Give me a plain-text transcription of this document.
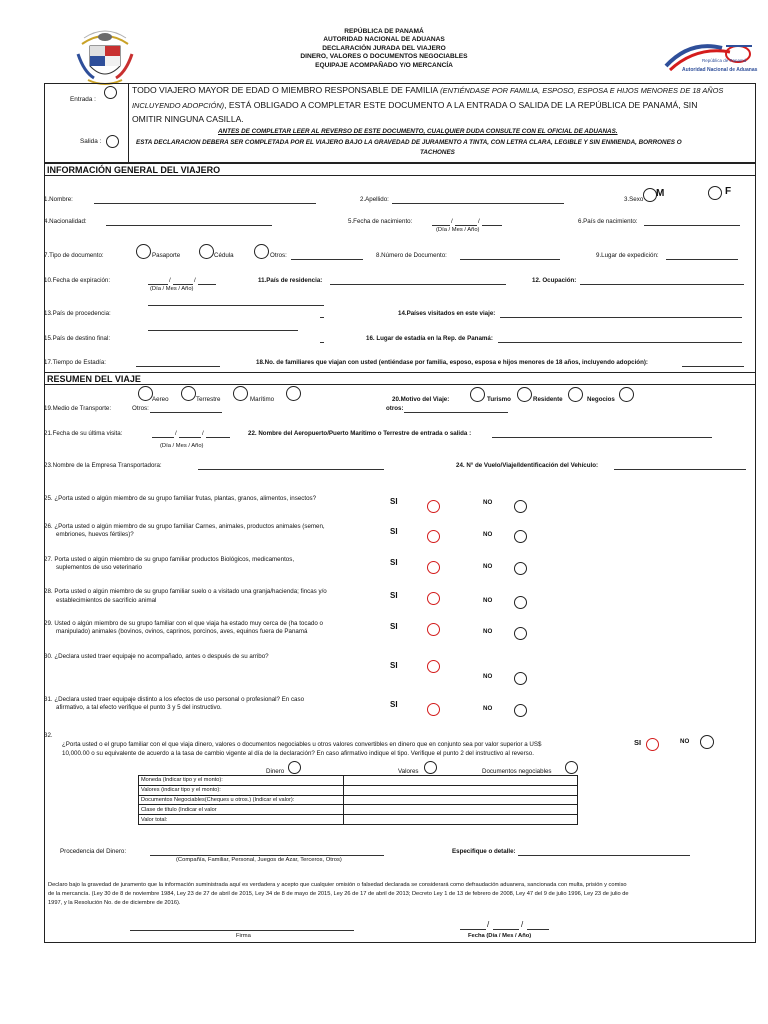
REPÚBLICA DE PANAMÁ
AUTORIDAD NACIONAL DE ADUANAS
DECLARACIÓN JURADA DEL VIAJERO
DINERO, VALORES O DOCUMENTOS NEGOCIABLES
EQUIPAJE ACOMPAÑADO Y/O MERCANCÍA
República de Panamá
Autoridad Nacional de Aduanas
Entrada :
Salida :
TODO VIAJERO MAYOR DE EDAD O MIEMBRO RESPONSABLE DE FAMILIA (ENTIÉNDASE POR FAMILIA, ESPOSO, ESPOSA E HIJOS MENORES DE 18 AÑOS
INCLUYENDO ADOPCIÓN), ESTÁ OBLIGADO A COMPLETAR ESTE DOCUMENTO A LA ENTRADA O SALIDA DE LA REPÚBLICA DE PANAMÁ, SIN
OMITIR NINGUNA CASILLA.
ANTES DE COMPLETAR LEER AL REVERSO DE ESTE DOCUMENTO, CUALQUIER DUDA CONSULTE CON EL OFICIAL DE ADUANAS.
ESTA DECLARACION DEBERA SER COMPLETADA POR EL VIAJERO BAJO LA GRAVEDAD DE JURAMENTO A TINTA, CON LETRA CLARA, LEGIBLE Y SIN ENMIENDA, BORRONES O
TACHONES
INFORMACIÓN GENERAL DEL VIAJERO
1.Nombre:	2.Apellido:	3.Sexo
M	F
4.Nacionalidad:	5.Fecha de nacimiento:	/	/
(Día / Mes / Año)
6.País de nacimiento:
7.Tipo de documento:	Pasaporte	Cédula	Otros:	8.Número de Documento:	9.Lugar de expedición:
10.Fecha de expiración:	/	/
(Día / Mes / Año)
11.País de residencia:	12. Ocupación:
13.País de procedencia:	14.Países visitados en este viaje:
15.País de destino final:	16. Lugar de estadía en la Rep. de Panamá:
17.Tiempo de Estadía:	18.No. de familiares que viajan con usted (entiéndase por familia, esposo, esposa e hijos menores de 18 años, incluyendo adopción):
RESUMEN DEL VIAJE
Aereo	Terrestre	Marítimo
19.Medio de Transporte:	Otros:
20.Motivo del Viaje:	Turismo	Residente	Negocios
otros:
21.Fecha de su última visita:	/	/
(Día / Mes / Año)
22. Nombre del Aeropuerto/Puerto Marítimo o Terrestre de entrada o salida :
23.Nombre de la Empresa Transportadora:	24. N° de Vuelo/Viaje/Identificación del Vehículo:
25. ¿Porta usted o algún miembro de su grupo familiar frutas, plantas, granos, alimentos, insectos?	SI	NO
26. ¿Porta usted o algún miembro de su grupo familiar Carnes, animales, productos animales (semen,
embriones, huevos fértiles)?	SI	NO
27. Porta usted o algún miembro de su grupo familiar productos Biológicos, medicamentos,
suplementos de uso veterinario
SI	NO
28. Porta usted o algún miembro de su grupo familiar suelo o a visitado una granja/hacienda; fincas y/o
establecimientos de sacrificio animal
SI
NO
29. Usted o algún miembro de su grupo familiar con el que viaja ha estado muy cerca de (ha tocado o
manipulado) animales (bovinos, ovinos, caprinos, porcinos, aves, equinos fuera de Panamá
SI
NO
30. ¿Declara usted traer equipaje no acompañado, antes o después de su arribo?
SI
NO
31. ¿Declara usted traer equipaje distinto a los efectos de uso personal o profesional? En caso
afirmativo, a tal efecto verifique el punto 3 y 5 del instructivo.	SI	NO
32.
¿Porta usted o el grupo familiar con el que viaja dinero, valores o documentos negociables u otros valores convertibles en dinero que en conjunto sea por valor superior a US$
10,000.00 o su equivalente de acuerdo a la tasa de cambio vigente al día de la declaración? En caso afirmativo indique el tipo. Verifique el punto 2 del instructivo al reverso.
SI	NO
Dinero	Valores	Documentos negociables
Moneda (Indicar tipo y el monto):	
Valores (indicar tipo y el monto):	
Documentos Negociables(Cheques u otros.) (Indicar el valor):	
Clase de título (Indicar el valor	
Valor total:	
Procedencia del Dinero:
(Compañía, Familiar, Personal, Juegos de Azar, Terceros, Otros)
Especifique o detalle:
Declaro bajo la gravedad de juramento que la información suministrada aquí es verdadera y acepto que cualquier omisión o falsedad declarada se considerará como defraudación aduanera, sancionada con multa, prisión y comiso
de la mercancía. (Ley 30 de 8 de noviembre 1984, Ley 23 de 27 de abril de 2015, Ley 34 de 8 de mayo de 2015, Ley 26 de 17 de abril de 2013; Decreto Ley 1 de 13 de febrero de 2008, Ley 47 del 9 de julio 1996, Ley 23 de julio de
1997, y la Resolución No. de de diciembre de 2016).
Firma
/	/
Fecha (Día / Mes / Año)
